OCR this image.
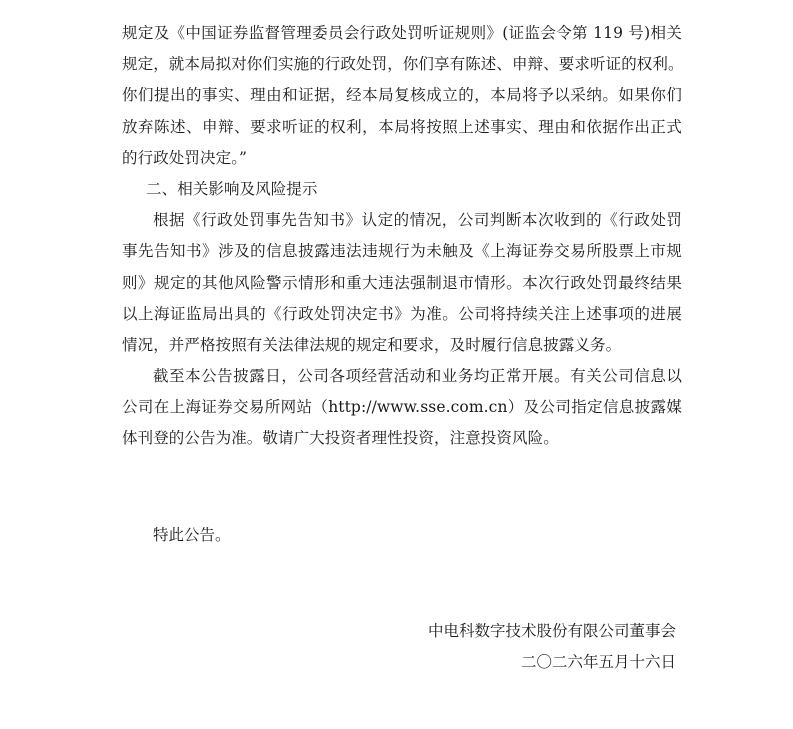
规定及《中国证券监督管理委员会行政处罚听证规则》(证监会令第 119 号)相关
规定，就本局拟对你们实施的行政处罚，你们享有陈述、申辩、要求听证的权利。
你们提出的事实、理由和证据，经本局复核成立的，本局将予以采纳。如果你们
放弃陈述、申辩、要求听证的权利，本局将按照上述事实、理由和依据作出正式
的行政处罚决定。”
二、相关影响及风险提示
根据《行政处罚事先告知书》认定的情况，公司判断本次收到的《行政处罚
事先告知书》涉及的信息披露违法违规行为未触及《上海证券交易所股票上市规
则》规定的其他风险警示情形和重大违法强制退市情形。本次行政处罚最终结果
以上海证监局出具的《行政处罚决定书》为准。公司将持续关注上述事项的进展
情况，并严格按照有关法律法规的规定和要求，及时履行信息披露义务。
截至本公告披露日，公司各项经营活动和业务均正常开展。有关公司信息以
公司在上海证券交易所网站（http://www.sse.com.cn）及公司指定信息披露媒
体刊登的公告为准。敬请广大投资者理性投资，注意投资风险。
特此公告。
中电科数字技术股份有限公司董事会
二〇二六年五月十六日
